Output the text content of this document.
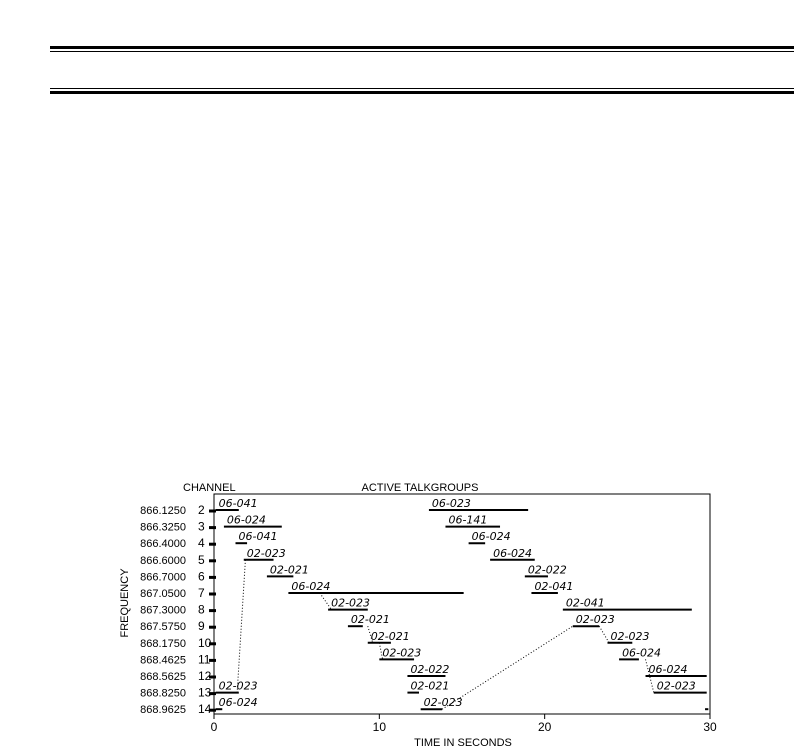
CHANNEL	ACTIVE TALKGROUPS
TIME IN SECONDS
FREQUENCY
866.1250 2
866.3250 3
866.4000 4
866.6000 5
866.7000 6
867.0500 7
867.3000 8
867.5750 9
868.1750 10
868.4625 11
868.5625 12
868.8250 13
868.9625 14
0	10	20	30
06-041
06-024
06-041
02-023
02-021
06-024
02-023
02-021
02-021
02-023
02-022
02-021
02-023
02-023
06-024
06-023
06-141
06-024
06-024
02-022
02-041
02-041
02-023
02-023
06-024
06-024
02-023
